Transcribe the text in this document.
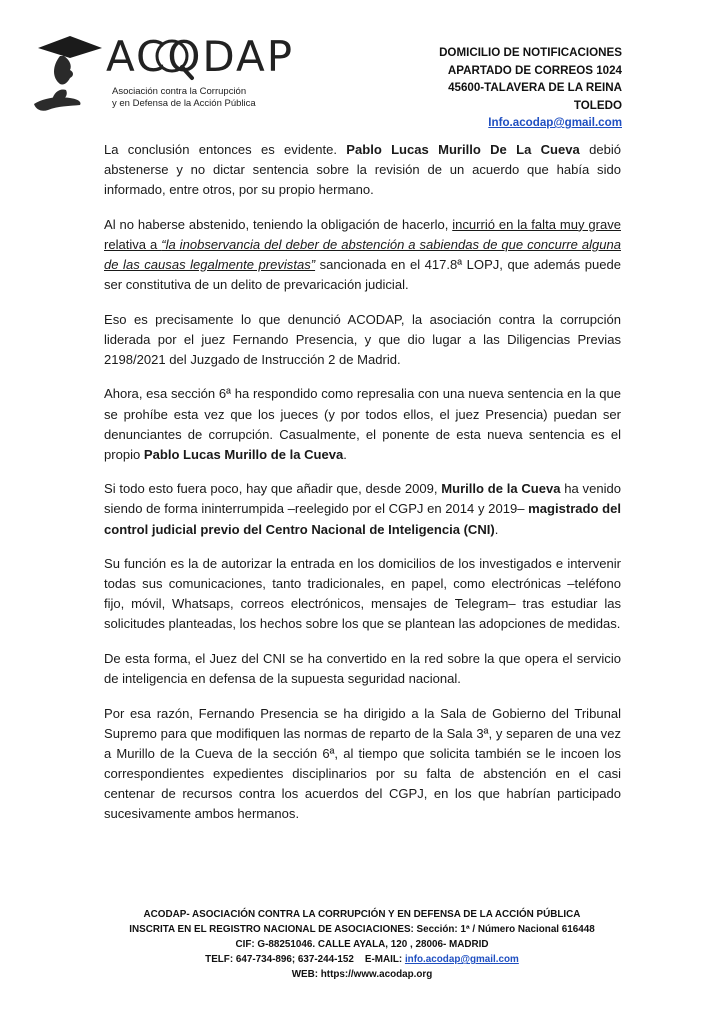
ACODAP
Asociación contra la Corrupción
y en Defensa de la Acción Pública
DOMICILIO DE NOTIFICACIONES
APARTADO DE CORREOS 1024
45600-TALAVERA DE LA REINA
TOLEDO
Info.acodap@gmail.com

La conclusión entonces es evidente. Pablo Lucas Murillo De La Cueva debió abstenerse y no dictar sentencia sobre la revisión de un acuerdo que había sido informado, entre otros, por su propio hermano.

Al no haberse abstenido, teniendo la obligación de hacerlo, incurrió en la falta muy grave relativa a “la inobservancia del deber de abstención a sabiendas de que concurre alguna de las causas legalmente previstas” sancionada en el 417.8ª LOPJ, que además puede ser constitutiva de un delito de prevaricación judicial.

Eso es precisamente lo que denunció ACODAP, la asociación contra la corrupción liderada por el juez Fernando Presencia, y que dio lugar a las Diligencias Previas 2198/2021 del Juzgado de Instrucción 2 de Madrid.

Ahora, esa sección 6ª ha respondido como represalia con una nueva sentencia en la que se prohíbe esta vez que los jueces (y por todos ellos, el juez Presencia) puedan ser denunciantes de corrupción. Casualmente, el ponente de esta nueva sentencia es el propio Pablo Lucas Murillo de la Cueva.

Si todo esto fuera poco, hay que añadir que, desde 2009, Murillo de la Cueva ha venido siendo de forma ininterrumpida –reelegido por el CGPJ en 2014 y 2019– magistrado del control judicial previo del Centro Nacional de Inteligencia (CNI).

Su función es la de autorizar la entrada en los domicilios de los investigados e intervenir todas sus comunicaciones, tanto tradicionales, en papel, como electrónicas –teléfono fijo, móvil, Whatsaps, correos electrónicos, mensajes de Telegram– tras estudiar las solicitudes planteadas, los hechos sobre los que se plantean las adopciones de medidas.

De esta forma, el Juez del CNI se ha convertido en la red sobre la que opera el servicio de inteligencia en defensa de la supuesta seguridad nacional.

Por esa razón, Fernando Presencia se ha dirigido a la Sala de Gobierno del Tribunal Supremo para que modifiquen las normas de reparto de la Sala 3ª, y separen de una vez a Murillo de la Cueva de la sección 6ª, al tiempo que solicita también se le incoen los correspondientes expedientes disciplinarios por su falta de abstención en el casi centenar de recursos contra los acuerdos del CGPJ, en los que habrían participado sucesivamente ambos hermanos.

ACODAP- ASOCIACIÓN CONTRA LA CORRUPCIÓN Y EN DEFENSA DE LA ACCIÓN PÚBLICA
INSCRITA EN EL REGISTRO NACIONAL DE ASOCIACIONES: Sección: 1ª / Número Nacional 616448
CIF: G-88251046. CALLE AYALA, 120 , 28006- MADRID
TELF: 647-734-896; 637-244-152    E-MAIL: info.acodap@gmail.com
WEB: https://www.acodap.org
